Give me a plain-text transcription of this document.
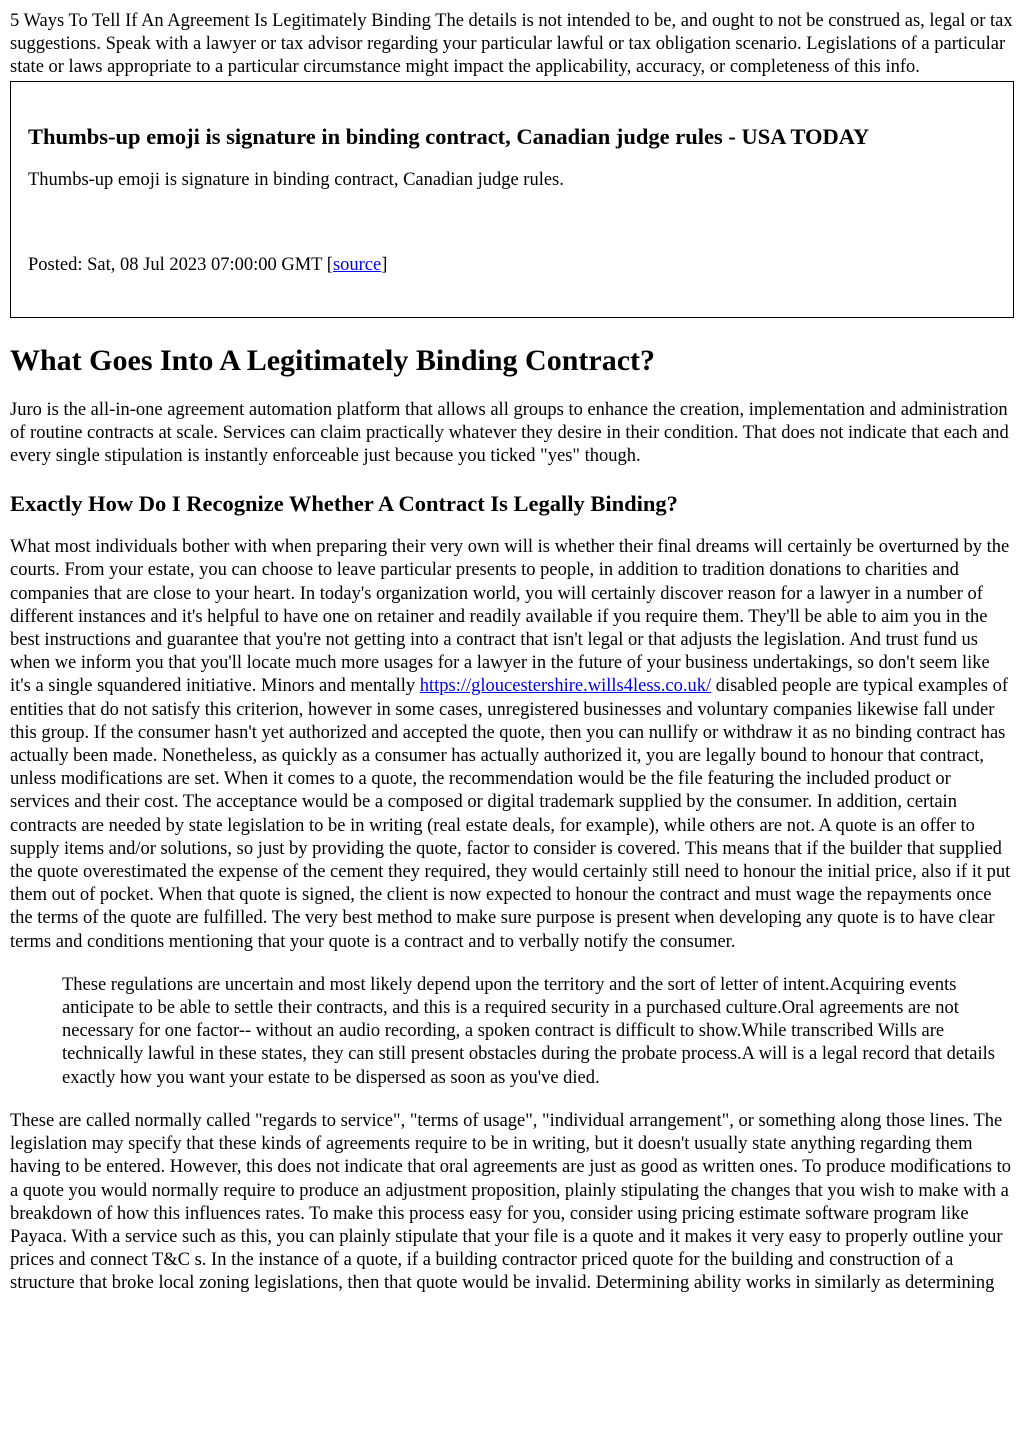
5 Ways To Tell If An Agreement Is Legitimately Binding The details is not intended to be, and ought to not be construed as, legal or tax suggestions. Speak with a lawyer or tax advisor regarding your particular lawful or tax obligation scenario. Legislations of a particular state or laws appropriate to a particular circumstance might impact the applicability, accuracy, or completeness of this info.

Thumbs-up emoji is signature in binding contract, Canadian judge rules - USA TODAY

Thumbs-up emoji is signature in binding contract, Canadian judge rules.

Posted: Sat, 08 Jul 2023 07:00:00 GMT [source]

What Goes Into A Legitimately Binding Contract?

Juro is the all-in-one agreement automation platform that allows all groups to enhance the creation, implementation and administration of routine contracts at scale. Services can claim practically whatever they desire in their condition. That does not indicate that each and every single stipulation is instantly enforceable just because you ticked "yes" though.

Exactly How Do I Recognize Whether A Contract Is Legally Binding?

What most individuals bother with when preparing their very own will is whether their final dreams will certainly be overturned by the courts. From your estate, you can choose to leave particular presents to people, in addition to tradition donations to charities and companies that are close to your heart. In today's organization world, you will certainly discover reason for a lawyer in a number of different instances and it's helpful to have one on retainer and readily available if you require them. They'll be able to aim you in the best instructions and guarantee that you're not getting into a contract that isn't legal or that adjusts the legislation. And trust fund us when we inform you that you'll locate much more usages for a lawyer in the future of your business undertakings, so don't seem like it's a single squandered initiative. Minors and mentally https://gloucestershire.wills4less.co.uk/ disabled people are typical examples of entities that do not satisfy this criterion, however in some cases, unregistered businesses and voluntary companies likewise fall under this group. If the consumer hasn't yet authorized and accepted the quote, then you can nullify or withdraw it as no binding contract has actually been made. Nonetheless, as quickly as a consumer has actually authorized it, you are legally bound to honour that contract, unless modifications are set. When it comes to a quote, the recommendation would be the file featuring the included product or services and their cost. The acceptance would be a composed or digital trademark supplied by the consumer. In addition, certain contracts are needed by state legislation to be in writing (real estate deals, for example), while others are not. A quote is an offer to supply items and/or solutions, so just by providing the quote, factor to consider is covered. This means that if the builder that supplied the quote overestimated the expense of the cement they required, they would certainly still need to honour the initial price, also if it put them out of pocket. When that quote is signed, the client is now expected to honour the contract and must wage the repayments once the terms of the quote are fulfilled. The very best method to make sure purpose is present when developing any quote is to have clear terms and conditions mentioning that your quote is a contract and to verbally notify the consumer.

These regulations are uncertain and most likely depend upon the territory and the sort of letter of intent.Acquiring events anticipate to be able to settle their contracts, and this is a required security in a purchased culture.Oral agreements are not necessary for one factor-- without an audio recording, a spoken contract is difficult to show.While transcribed Wills are technically lawful in these states, they can still present obstacles during the probate process.A will is a legal record that details exactly how you want your estate to be dispersed as soon as you've died.

These are called normally called "regards to service", "terms of usage", "individual arrangement", or something along those lines. The legislation may specify that these kinds of agreements require to be in writing, but it doesn't usually state anything regarding them having to be entered. However, this does not indicate that oral agreements are just as good as written ones. To produce modifications to a quote you would normally require to produce an adjustment proposition, plainly stipulating the changes that you wish to make with a breakdown of how this influences rates. To make this process easy for you, consider using pricing estimate software program like Payaca. With a service such as this, you can plainly stipulate that your file is a quote and it makes it very easy to properly outline your prices and connect T&C s. In the instance of a quote, if a building contractor priced quote for the building and construction of a structure that broke local zoning legislations, then that quote would be invalid. Determining ability works in similarly as determining
